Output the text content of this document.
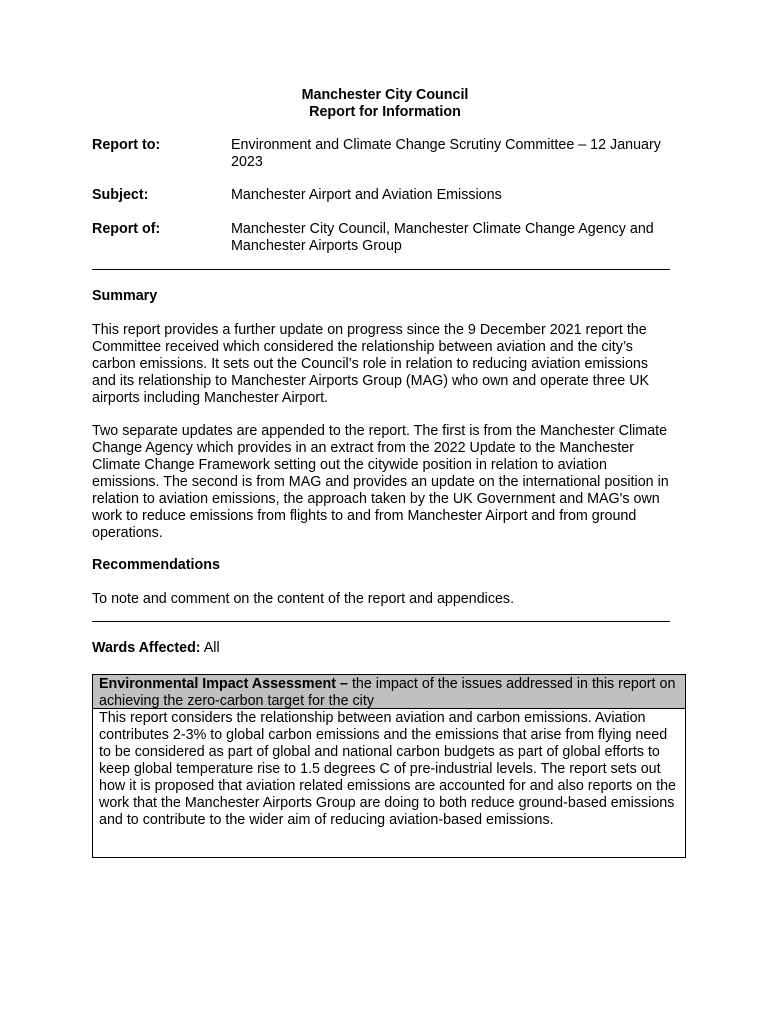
Manchester City Council
Report for Information
Report to:	Environment and Climate Change Scrutiny Committee – 12 January 2023
Subject:	Manchester Airport and Aviation Emissions
Report of:	Manchester City Council, Manchester Climate Change Agency and Manchester Airports Group
Summary
This report provides a further update on progress since the 9 December 2021 report the Committee received which considered the relationship between aviation and the city’s carbon emissions. It sets out the Council’s role in relation to reducing aviation emissions and its relationship to Manchester Airports Group (MAG) who own and operate three UK airports including Manchester Airport.
Two separate updates are appended to the report. The first is from the Manchester Climate Change Agency which provides in an extract from the 2022 Update to the Manchester Climate Change Framework setting out the citywide position in relation to aviation emissions. The second is from MAG and provides an update on the international position in relation to aviation emissions, the approach taken by the UK Government and MAG's own work to reduce emissions from flights to and from Manchester Airport and from ground operations.
Recommendations
To note and comment on the content of the report and appendices.
Wards Affected: All
Environmental Impact Assessment – the impact of the issues addressed in this report on achieving the zero-carbon target for the city
This report considers the relationship between aviation and carbon emissions. Aviation contributes 2-3% to global carbon emissions and the emissions that arise from flying need to be considered as part of global and national carbon budgets as part of global efforts to keep global temperature rise to 1.5 degrees C of pre-industrial levels. The report sets out how it is proposed that aviation related emissions are accounted for and also reports on the work that the Manchester Airports Group are doing to both reduce ground-based emissions and to contribute to the wider aim of reducing aviation-based emissions.
